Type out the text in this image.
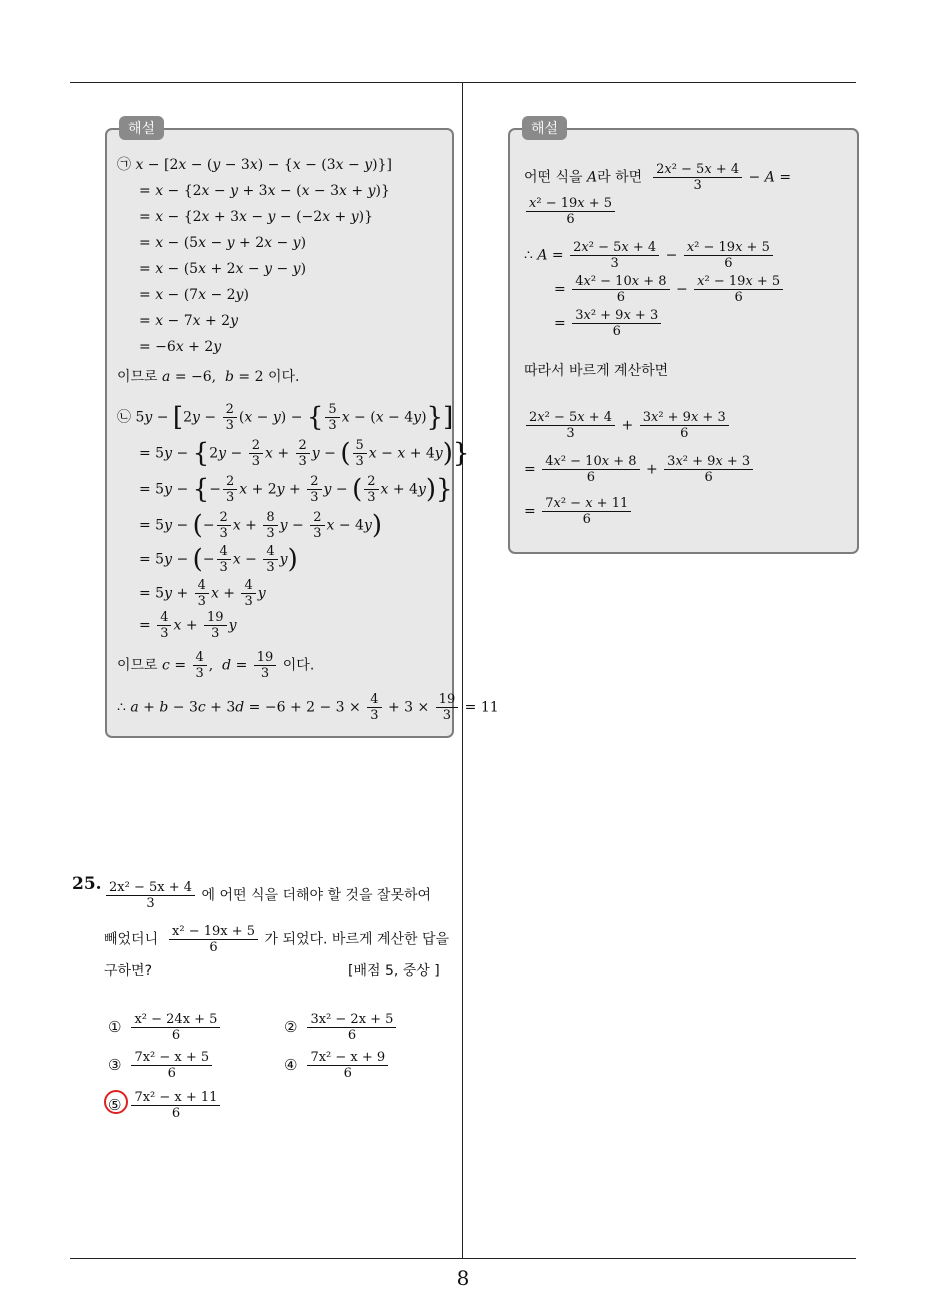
해설
㉠ x − [2x − (y − 3x) − {x − (3x − y)}]
= x − {2x − y + 3x − (x − 3x + y)}
= x − {2x + 3x − y − (−2x + y)}
= x − (5x − y + 2x − y)
= x − (5x + 2x − y − y)
= x − (7x − 2y)
= x − 7x + 2y
= −6x + 2y
이므로 a = −6,  b = 2 이다.
㉡ $5y - [2y - \frac{2}{3} (x - y)$ − { $\frac{5}{3}$ x − (x − 4y)}]
= $5y - \{2y - \frac{2}{3}$ $x + \frac{2}{3}$ y − ( $\frac{5}{3}$ x − x + 4y)}
= 5y − {− $\frac{2}{3}$ $x + 2y + \frac{2}{3}$ y − ( $\frac{2}{3}$ x + 4y)}
= 5y − (− $\frac{2}{3}$ $x + \frac{8}{3}$ $y - \frac{2}{3}$ x − 4y)
= 5y − (− $\frac{4}{3}$ $x - \frac{4}{3} y$)
= $5y + \frac{4}{3}$ $x + \frac{4}{3}$ y
= $\frac{4}{3}$ $x + \frac{19}{3}$ y
이므로 $c = \frac{4}{3}$ ,  $d = \frac{19}{3}$ 이다.
∴ $a + b - 3c + 3d = -6 + 2 - 3 \times \frac{4}{3} + 3 \times \frac{19}{3} = 11$
해설
어떤 식을 A라 하면 $\frac{\text{2x² − 5x + 4}}{3} - A$ =
$\frac{\text{x² − 19x + 5}}{6}$
∴ $A = \frac{\text{2x² − 5x + 4}}{3} - \frac{\text{x² − 19x + 5}}{6}$
= $\frac{\text{4x² − 10x + 8}}{6} - \frac{\text{x² − 19x + 5}}{6}$
= $\frac{\text{3x² + 9x + 3}}{6}$
따라서 바르게 계산하면
$\frac{\text{2x² − 5x + 4}}{3} + \frac{\text{3x² + 9x + 3}}{6}$
= $\frac{\text{4x² − 10x + 8}}{6} + \frac{\text{3x² + 9x + 3}}{6}$
= $\frac{\text{7x² − x + 11}}{6}$
25. $\frac{\text{2x² − 5x + 4}}{3}$ 에 어떤 식을 더해야 할 것을 잘못하여
빼었더니 $\frac{\text{x² − 19x + 5}}{6}$ 가 되었다. 바르게 계산한 답을
구하면?	[배점 5, 중상 ]
① $\frac{\text{x² − 24x + 5}}{6}$	② $\frac{\text{3x² − 2x + 5}}{6}$
③ $\frac{\text{7x² − x + 5}}{6}$	④ $\frac{\text{7x² − x + 9}}{6}$
⑤ $\frac{\text{7x² − x + 11}}{6}$
8
